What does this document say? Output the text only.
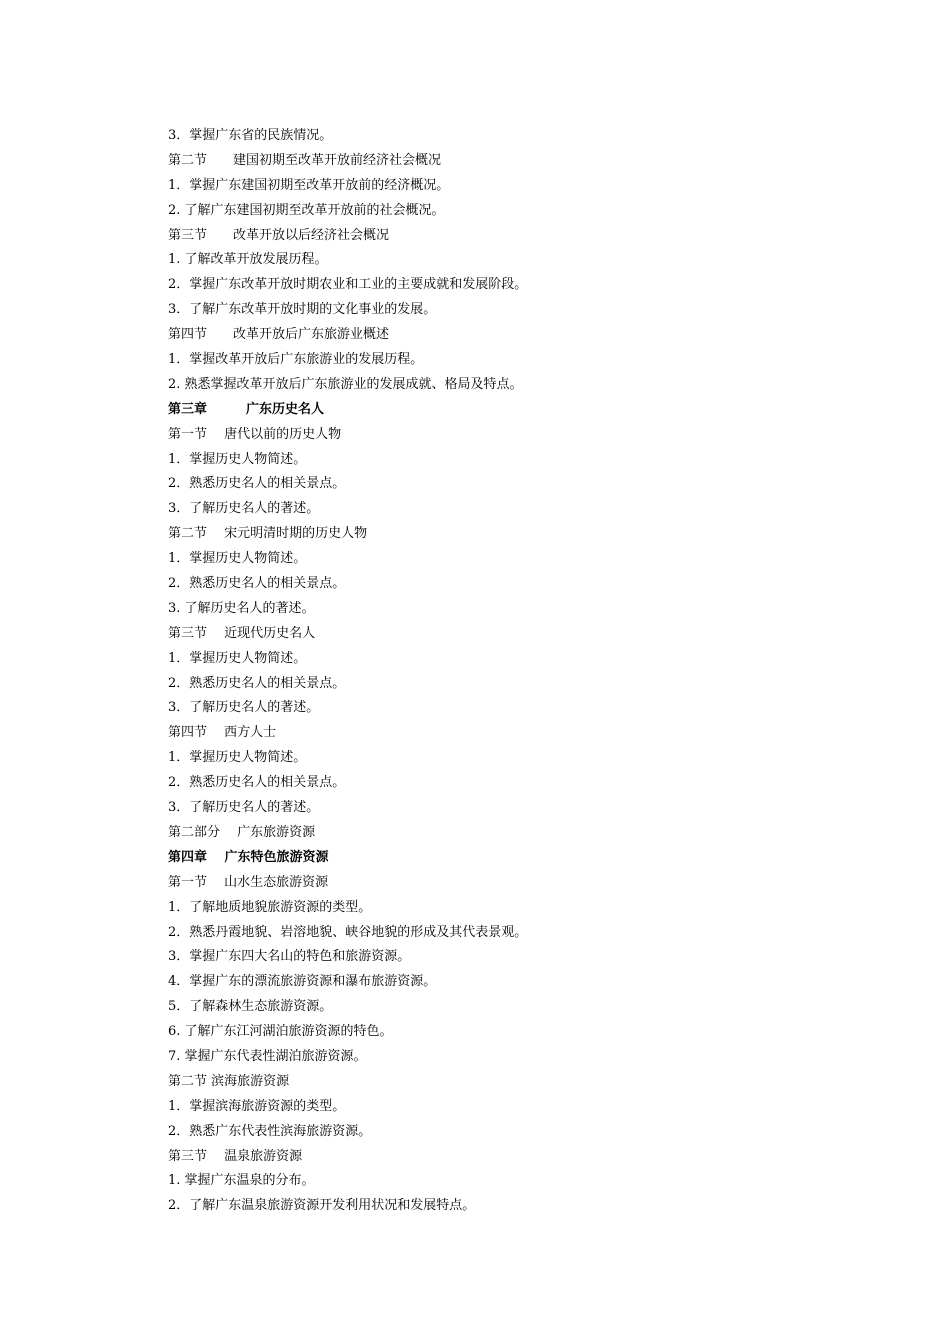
3．掌握广东省的民族情况。
第二节　　建国初期至改革开放前经济社会概况
1．掌握广东建国初期至改革开放前的经济概况。
2. 了解广东建国初期至改革开放前的社会概况。
第三节　　改革开放以后经济社会概况
1. 了解改革开放发展历程。
2．掌握广东改革开放时期农业和工业的主要成就和发展阶段。
3．了解广东改革开放时期的文化事业的发展。
第四节　　改革开放后广东旅游业概述
1．掌握改革开放后广东旅游业的发展历程。
2. 熟悉掌握改革开放后广东旅游业的发展成就、格局及特点。
第三章　　　广东历史名人
第一节　 唐代以前的历史人物
1．掌握历史人物简述。
2．熟悉历史名人的相关景点。
3．了解历史名人的著述。
第二节　 宋元明清时期的历史人物
1．掌握历史人物简述。
2．熟悉历史名人的相关景点。
3. 了解历史名人的著述。
第三节　 近现代历史名人
1．掌握历史人物简述。
2．熟悉历史名人的相关景点。
3．了解历史名人的著述。
第四节　 西方人士
1．掌握历史人物简述。
2．熟悉历史名人的相关景点。
3．了解历史名人的著述。
第二部分　 广东旅游资源
第四章　 广东特色旅游资源
第一节　 山水生态旅游资源
1．了解地质地貌旅游资源的类型。
2．熟悉丹霞地貌、岩溶地貌、峡谷地貌的形成及其代表景观。
3．掌握广东四大名山的特色和旅游资源。
4．掌握广东的漂流旅游资源和瀑布旅游资源。
5．了解森林生态旅游资源。
6. 了解广东江河湖泊旅游资源的特色。
7. 掌握广东代表性湖泊旅游资源。
第二节 滨海旅游资源
1．掌握滨海旅游资源的类型。
2．熟悉广东代表性滨海旅游资源。
第三节　 温泉旅游资源
1. 掌握广东温泉的分布。
2．了解广东温泉旅游资源开发利用状况和发展特点。
